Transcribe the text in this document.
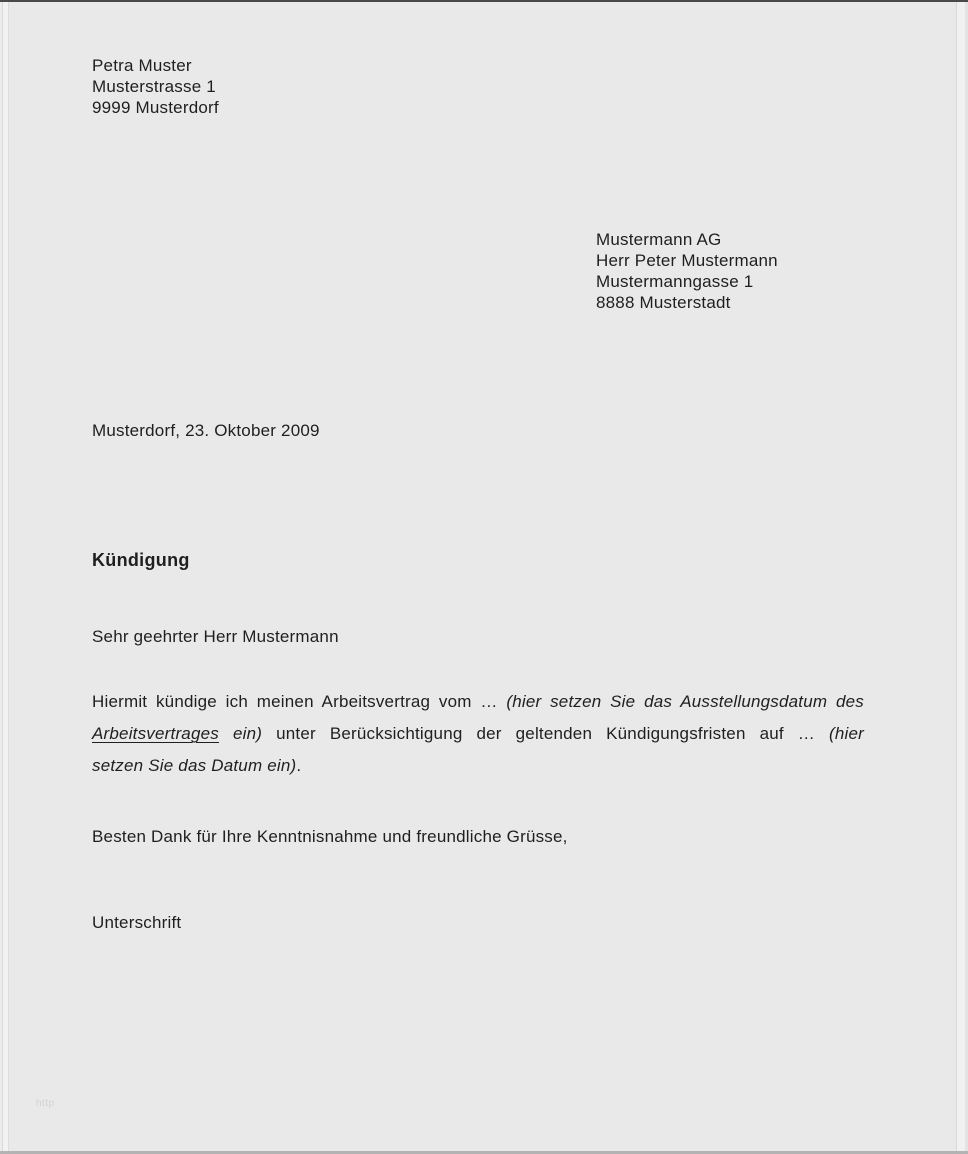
Petra Muster
Musterstrasse 1
9999 Musterdorf
Mustermann AG
Herr Peter Mustermann
Mustermanngasse 1
8888 Musterstadt
Musterdorf, 23. Oktober 2009
Kündigung
Sehr geehrter Herr Mustermann
Hiermit kündige ich meinen Arbeitsvertrag vom … (hier setzen Sie das Ausstellungsdatum des
Arbeitsvertrages ein) unter Berücksichtigung der geltenden Kündigungsfristen auf … (hier
setzen Sie das Datum ein).
Besten Dank für Ihre Kenntnisnahme und freundliche Grüsse,
Unterschrift
http
